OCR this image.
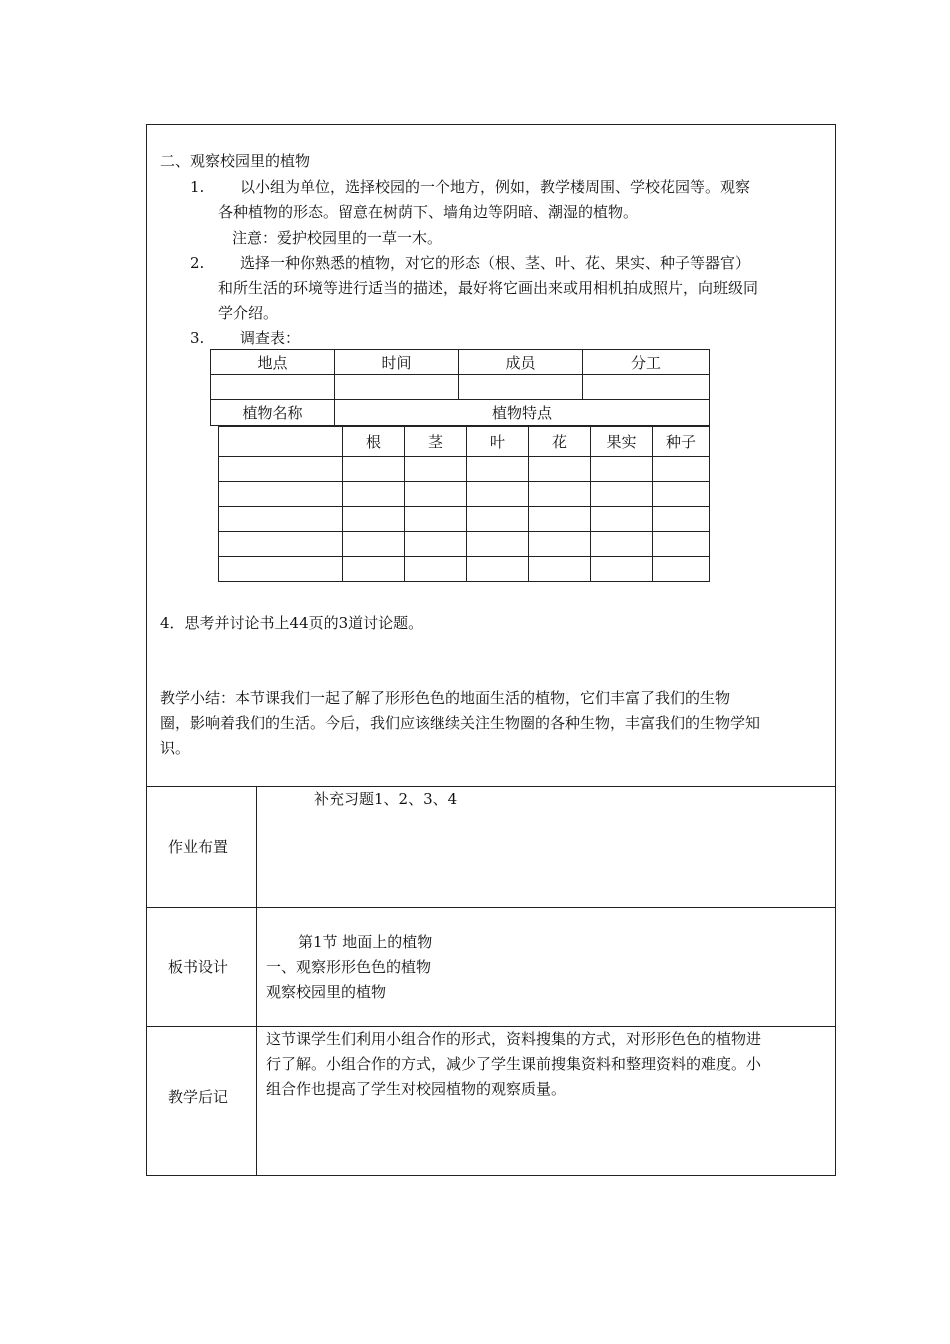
二、观察校园里的植物
1. 以小组为单位，选择校园的一个地方，例如，教学楼周围、学校花园等。观察
各种植物的形态。留意在树荫下、墙角边等阴暗、潮湿的植物。
注意：爱护校园里的一草一木。
2. 选择一种你熟悉的植物，对它的形态（根、茎、叶、花、果实、种子等器官）
和所生活的环境等进行适当的描述，最好将它画出来或用相机拍成照片，向班级同
学介绍。
3. 调查表：
地点	时间	成员	分工

植物名称	植物特点		
	根	茎	叶	花	果实	种子

4．思考并讨论书上44页的3道讨论题。
教学小结：本节课我们一起了解了形形色色的地面生活的植物，它们丰富了我们的生物
圈，影响着我们的生活。今后，我们应该继续关注生物圈的各种生物，丰富我们的生物学知
识。
作业布置
补充习题1、2、3、4
板书设计
第1节 地面上的植物
一、观察形形色色的植物
观察校园里的植物
教学后记
这节课学生们利用小组合作的形式，资料搜集的方式，对形形色色的植物进
行了解。小组合作的方式，减少了学生课前搜集资料和整理资料的难度。小
组合作也提高了学生对校园植物的观察质量。
